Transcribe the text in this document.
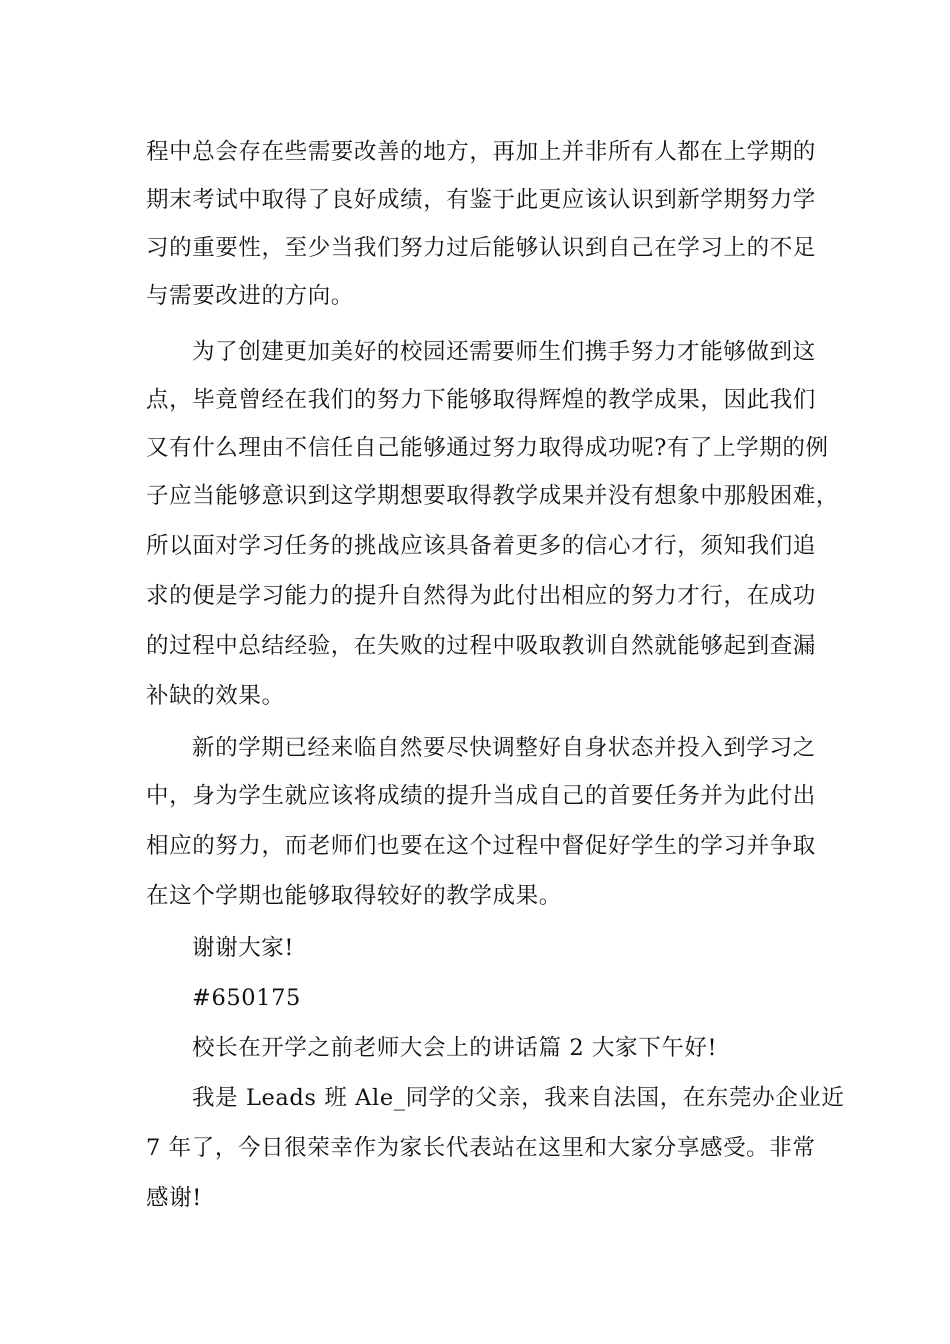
程中总会存在些需要改善的地方，再加上并非所有人都在上学期的
期末考试中取得了良好成绩，有鉴于此更应该认识到新学期努力学
习的重要性，至少当我们努力过后能够认识到自己在学习上的不足
与需要改进的方向。
为了创建更加美好的校园还需要师生们携手努力才能够做到这
点，毕竟曾经在我们的努力下能够取得辉煌的教学成果，因此我们
又有什么理由不信任自己能够通过努力取得成功呢?有了上学期的例
子应当能够意识到这学期想要取得教学成果并没有想象中那般困难，
所以面对学习任务的挑战应该具备着更多的信心才行，须知我们追
求的便是学习能力的提升自然得为此付出相应的努力才行，在成功
的过程中总结经验，在失败的过程中吸取教训自然就能够起到查漏
补缺的效果。
新的学期已经来临自然要尽快调整好自身状态并投入到学习之
中，身为学生就应该将成绩的提升当成自己的首要任务并为此付出
相应的努力，而老师们也要在这个过程中督促好学生的学习并争取
在这个学期也能够取得较好的教学成果。
谢谢大家!
#650175
校长在开学之前老师大会上的讲话篇 2 大家下午好!
我是 Leads 班 Ale_同学的父亲，我来自法国，在东莞办企业近
7 年了，今日很荣幸作为家长代表站在这里和大家分享感受。非常
感谢!
